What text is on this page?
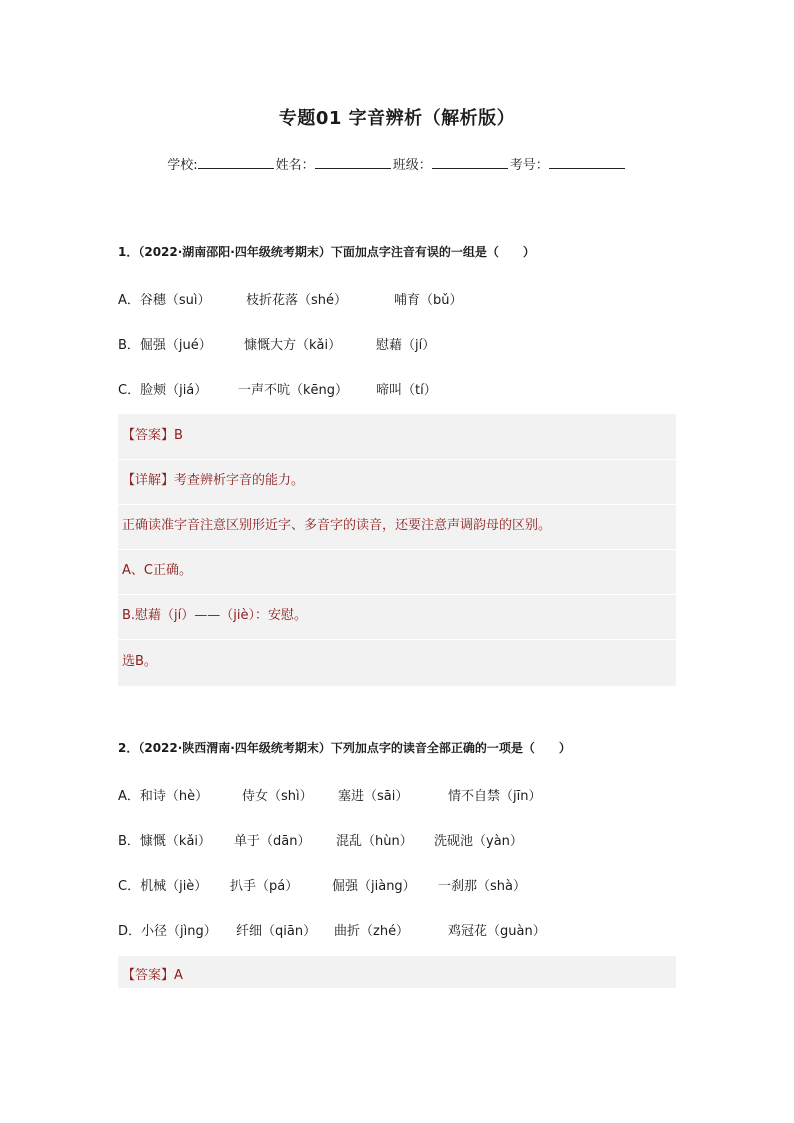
专题01 字音辨析（解析版）
学校:	姓名：	班级：	考号：
1．（2022·湖南邵阳·四年级统考期末）下面加点字注音有误的一组是（　　）
A．谷穗（suì）	枝折花落（shé）	哺育（bǔ）
B．倔强（jué） 慷慨大方（kǎi）	慰藉（jí）
C．脸颊（jiá） 一声不吭（kēng） 啼叫（tí）
【答案】B
【详解】考查辨析字音的能力。
正确读准字音注意区别形近字、多音字的读音，还要注意声调韵母的区别。
A、C正确。
B.慰藉（jí）——（jiè）：安慰。
选B。
2．（2022·陕西渭南·四年级统考期末）下列加点字的读音全部正确的一项是（　　）
A．和诗（hè）	侍女（shì） 塞进（sāi）	情不自禁（jīn）
B．慷慨（kǎi） 单于（dān） 混乱（hùn） 洗砚池（yàn）
C．机械（jiè） 扒手（pá）	倔强（jiàng） 一刹那（shà）
D．小径（jìng） 纤细（qiān） 曲折（zhé）	鸡冠花（guàn）
【答案】A
